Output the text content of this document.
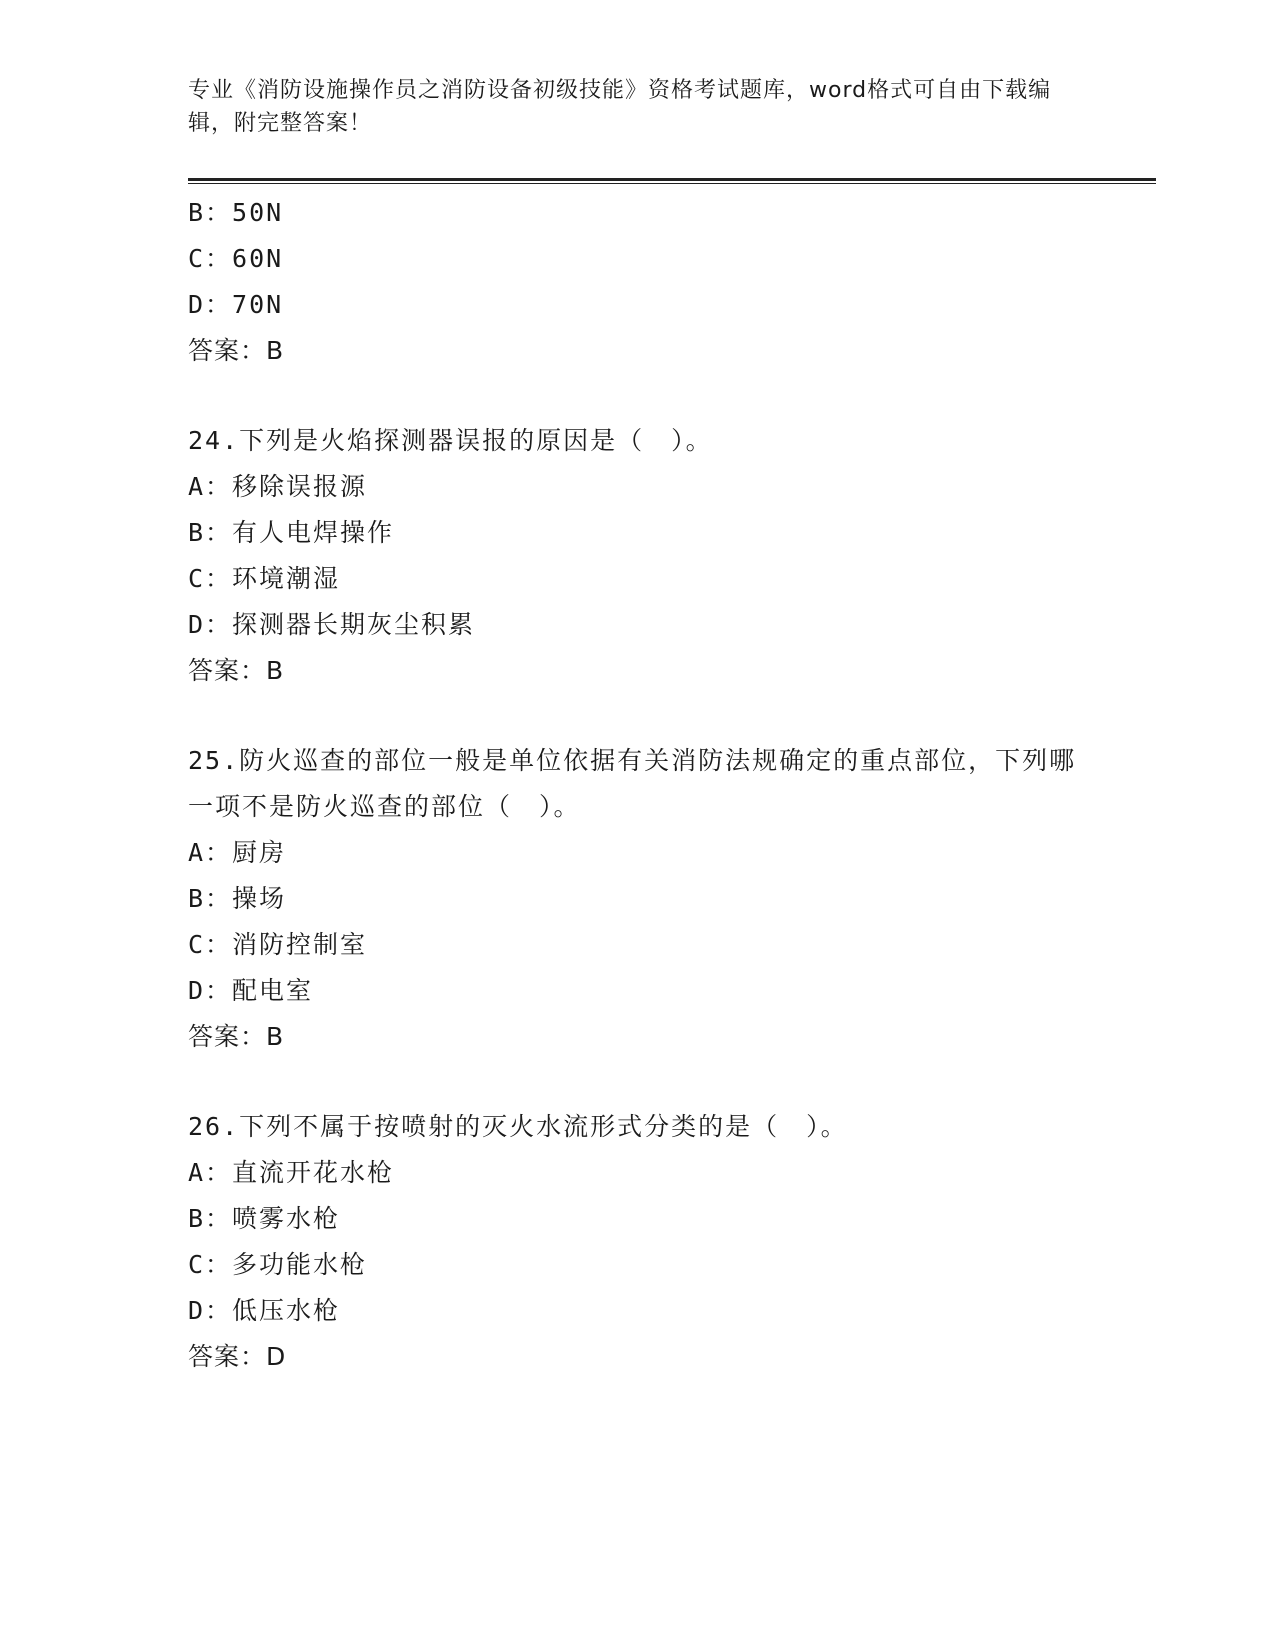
专业《消防设施操作员之消防设备初级技能》资格考试题库，word格式可自由下载编辑，附完整答案！
B：50N
C：60N
D：70N
答案：B
24.下列是火焰探测器误报的原因是（　）。
A：移除误报源
B：有人电焊操作
C：环境潮湿
D：探测器长期灰尘积累
答案：B
25.防火巡查的部位一般是单位依据有关消防法规确定的重点部位，下列哪一项不是防火巡查的部位（　）。
A：厨房
B：操场
C：消防控制室
D：配电室
答案：B
26.下列不属于按喷射的灭火水流形式分类的是（　）。
A：直流开花水枪
B：喷雾水枪
C：多功能水枪
D：低压水枪
答案：D
